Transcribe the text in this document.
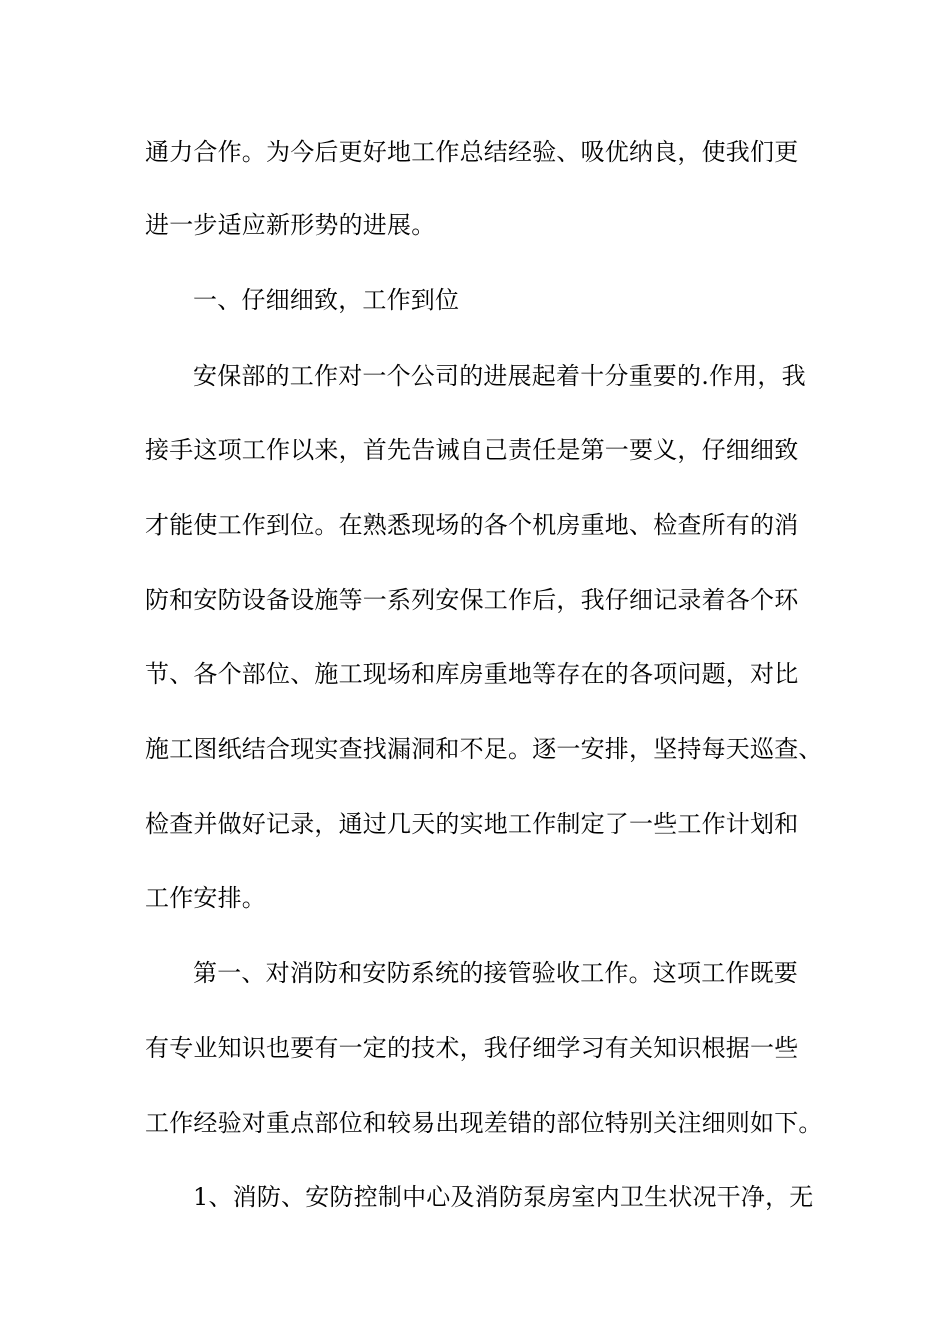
通力合作。为今后更好地工作总结经验、吸优纳良，使我们更
进一步适应新形势的进展。
一、仔细细致，工作到位
安保部的工作对一个公司的进展起着十分重要的.作用，我
接手这项工作以来，首先告诫自己责任是第一要义，仔细细致
才能使工作到位。在熟悉现场的各个机房重地、检查所有的消
防和安防设备设施等一系列安保工作后，我仔细记录着各个环
节、各个部位、施工现场和库房重地等存在的各项问题，对比
施工图纸结合现实查找漏洞和不足。逐一安排，坚持每天巡查、
检查并做好记录，通过几天的实地工作制定了一些工作计划和
工作安排。
第一、对消防和安防系统的接管验收工作。这项工作既要
有专业知识也要有一定的技术，我仔细学习有关知识根据一些
工作经验对重点部位和较易出现差错的部位特别关注细则如下。
1、消防、安防控制中心及消防泵房室内卫生状况干净，无
